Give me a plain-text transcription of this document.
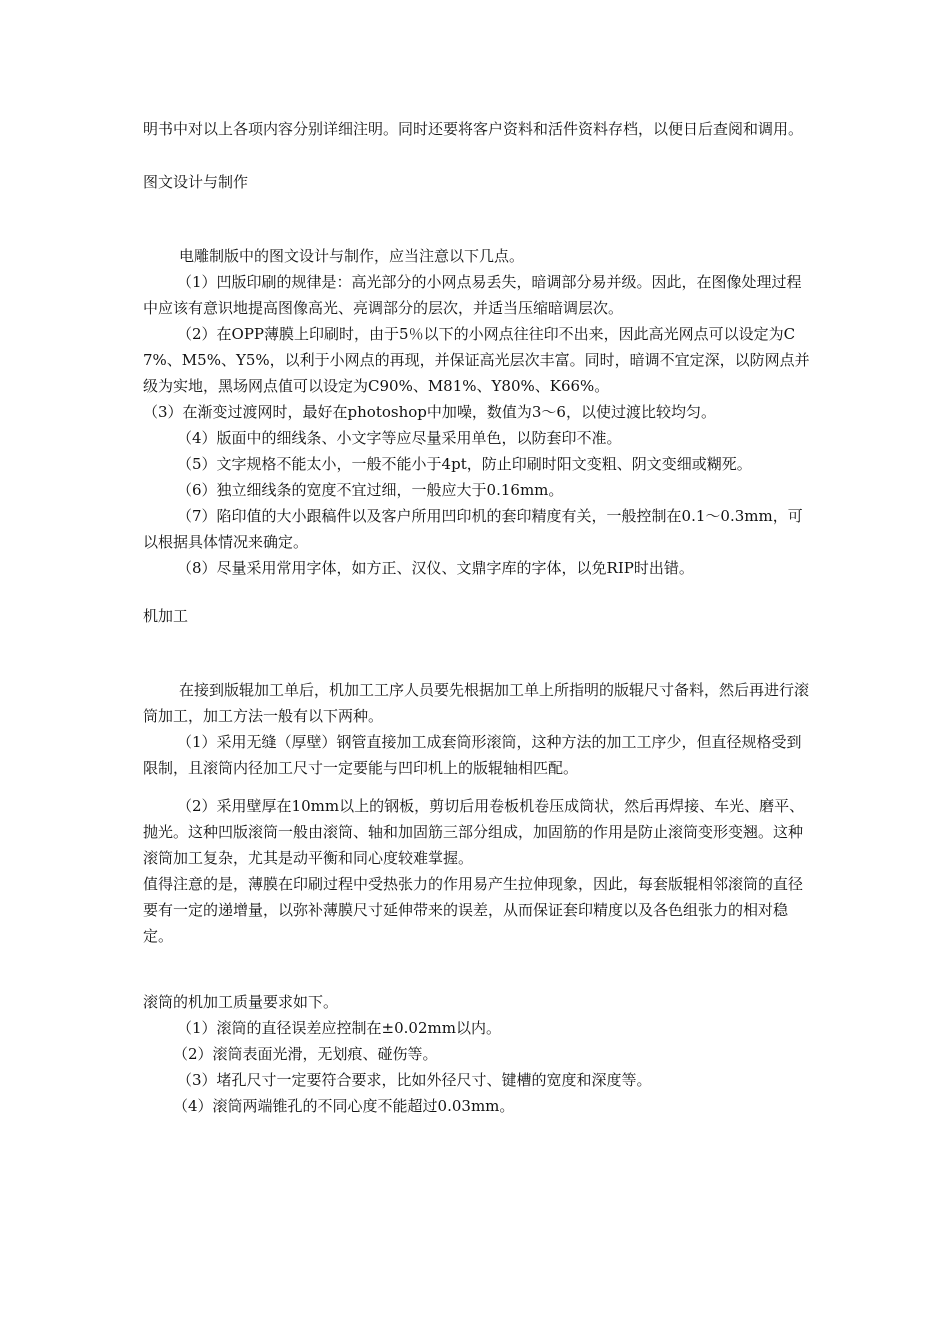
明书中对以上各项内容分别详细注明。同时还要将客户资料和活件资料存档，以便日后查阅和调用。

图文设计与制作

电雕制版中的图文设计与制作，应当注意以下几点。

（1）凹版印刷的规律是：高光部分的小网点易丢失，暗调部分易并级。因此，在图像处理过程中应该有意识地提高图像高光、亮调部分的层次，并适当压缩暗调层次。

（2）在OPP薄膜上印刷时，由于5％以下的小网点往往印不出来，因此高光网点可以设定为C7%、M5%、Y5%，以利于小网点的再现，并保证高光层次丰富。同时，暗调不宜定深，以防网点并级为实地，黑场网点值可以设定为C90%、M81%、Y80%、K66%。

（3）在渐变过渡网时，最好在photoshop中加噪，数值为3～6，以使过渡比较均匀。

（4）版面中的细线条、小文字等应尽量采用单色，以防套印不准。

（5）文字规格不能太小，一般不能小于4pt，防止印刷时阳文变粗、阴文变细或糊死。

（6）独立细线条的宽度不宜过细，一般应大于0.16mm。

（7）陷印值的大小跟稿件以及客户所用凹印机的套印精度有关，一般控制在0.1～0.3mm，可以根据具体情况来确定。

（8）尽量采用常用字体，如方正、汉仪、文鼎字库的字体，以免RIP时出错。

机加工

在接到版辊加工单后，机加工工序人员要先根据加工单上所指明的版辊尺寸备料，然后再进行滚筒加工，加工方法一般有以下两种。

（1）采用无缝（厚壁）钢管直接加工成套筒形滚筒，这种方法的加工工序少，但直径规格受到限制，且滚筒内径加工尺寸一定要能与凹印机上的版辊轴相匹配。

（2）采用壁厚在10mm以上的钢板，剪切后用卷板机卷压成筒状，然后再焊接、车光、磨平、抛光。这种凹版滚筒一般由滚筒、轴和加固筋三部分组成，加固筋的作用是防止滚筒变形变翘。这种滚筒加工复杂，尤其是动平衡和同心度较难掌握。

值得注意的是，薄膜在印刷过程中受热张力的作用易产生拉伸现象，因此，每套版辊相邻滚筒的直径要有一定的递增量，以弥补薄膜尺寸延伸带来的误差，从而保证套印精度以及各色组张力的相对稳定。

滚筒的机加工质量要求如下。

（1）滚筒的直径误差应控制在±0.02mm以内。

（2）滚筒表面光滑，无划痕、碰伤等。

（3）堵孔尺寸一定要符合要求，比如外径尺寸、键槽的宽度和深度等。

（4）滚筒两端锥孔的不同心度不能超过0.03mm。
